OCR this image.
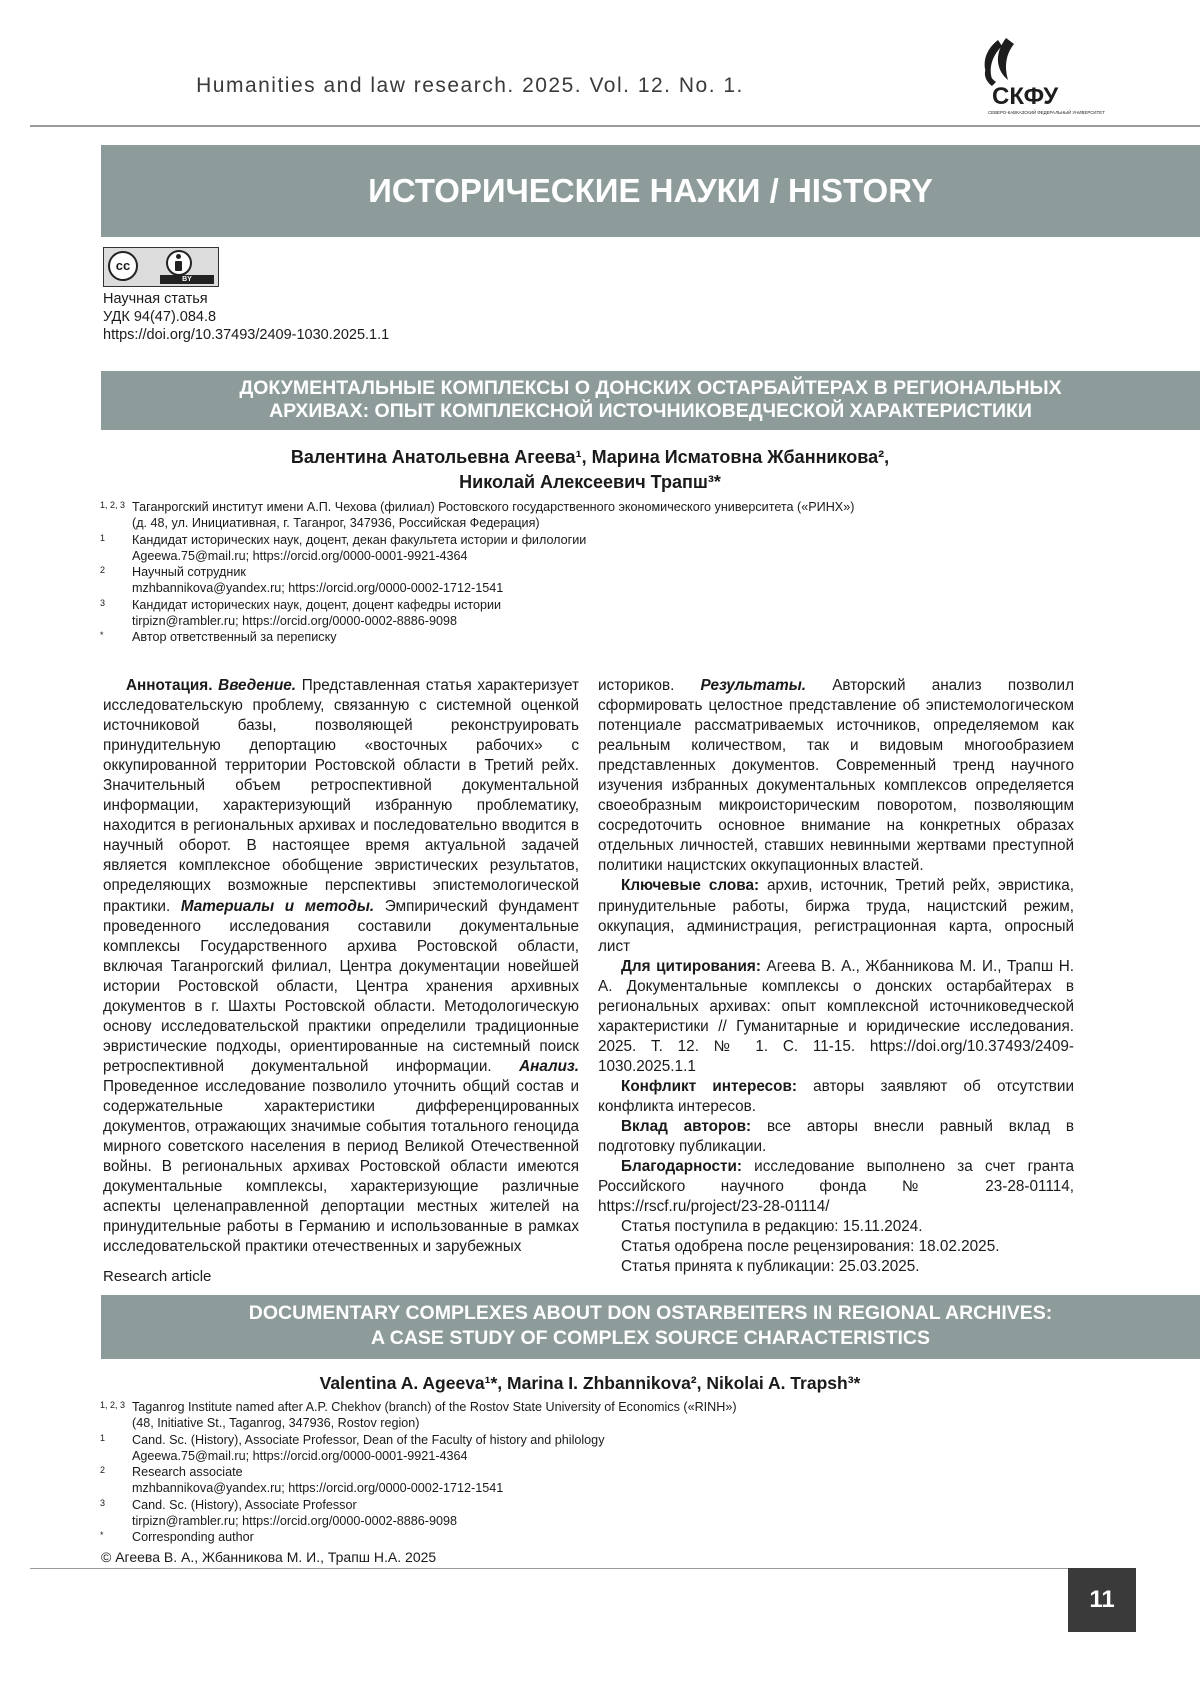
Humanities and law research. 2025. Vol. 12. No. 1.	СКФУ
СЕВЕРО-КАВКАЗСКИЙ ФЕДЕРАЛЬНЫЙ УНИВЕРСИТЕТ
ИСТОРИЧЕСКИЕ НАУКИ / HISTORY
cc
BY
Научная статья
УДК 94(47).084.8
https://doi.org/10.37493/2409-1030.2025.1.1
ДОКУМЕНТАЛЬНЫЕ КОМПЛЕКСЫ О ДОНСКИХ ОСТАРБАЙТЕРАХ В РЕГИОНАЛЬНЫХ
АРХИВАХ: ОПЫТ КОМПЛЕКСНОЙ ИСТОЧНИКОВЕДЧЕСКОЙ ХАРАКТЕРИСТИКИ
Валентина Анатольевна Агеева¹, Марина Исматовна Жбанникова²,
Николай Алексеевич Трапш³*
1, 2, 3 Таганрогский институт имени А.П. Чехова (филиал) Ростовского государственного экономического университета («РИНХ»)
(д. 48, ул. Инициативная, г. Таганрог, 347936, Российская Федерация)
1	Кандидат исторических наук, доцент, декан факультета истории и филологии
Ageewa.75@mail.ru; https://orcid.org/0000-0001-9921-4364
2	Научный сотрудник
mzhbannikova@yandex.ru; https://orcid.org/0000-0002-1712-1541
3	Кандидат исторических наук, доцент, доцент кафедры истории
tirpizn@rambler.ru; https://orcid.org/0000-0002-8886-9098
*	Автор ответственный за переписку

Аннотация. Введение. Представленная статья характеризует исследовательскую проблему, связанную с системной оценкой источниковой базы, позволяющей реконструировать принудительную депортацию «восточных рабочих» с оккупированной территории Ростовской области в Третий рейх. Значительный объем ретроспективной документальной информации, характеризующий избранную проблематику, находится в региональных архивах и последовательно вводится в научный оборот. В настоящее время актуальной задачей является комплексное обобщение эвристических результатов, определяющих возможные перспективы эпистемологической практики. Материалы и методы. Эмпирический фундамент проведенного исследования составили документальные комплексы Государственного архива Ростовской области, включая Таганрогский филиал, Центра документации новейшей истории Ростовской области, Центра хранения архивных документов в г. Шахты Ростовской области. Методологическую основу исследовательской практики определили традиционные эвристические подходы, ориентированные на системный поиск ретроспективной документальной информации. Анализ. Проведенное исследование позволило уточнить общий состав и содержательные характеристики дифференцированных документов, отражающих значимые события тотального геноцида мирного советского населения в период Великой Отечественной войны. В региональных архивах Ростовской области имеются документальные комплексы, характеризующие различные аспекты целенаправленной депортации местных жителей на принудительные работы в Германию и использованные в рамках исследовательской практики отечественных и зарубежных

историков. Результаты. Авторский анализ позволил сформировать целостное представление об эпистемологическом потенциале рассматриваемых источников, определяемом как реальным количеством, так и видовым многообразием представленных документов. Современный тренд научного изучения избранных документальных комплексов определяется своеобразным микроисторическим поворотом, позволяющим сосредоточить основное внимание на конкретных образах отдельных личностей, ставших невинными жертвами преступной политики нацистских оккупационных властей.

Ключевые слова: архив, источник, Третий рейх, эвристика, принудительные работы, биржа труда, нацистский режим, оккупация, администрация, регистрационная карта, опросный лист

Для цитирования: Агеева В. А., Жбанникова М. И., Трапш Н. А. Документальные комплексы о донских остарбайтерах в региональных архивах: опыт комплексной источниковедческой характеристики // Гуманитарные и юридические исследования. 2025. Т. 12. № 1. С. 11-15. https://doi.org/10.37493/2409-1030.2025.1.1

Конфликт интересов: авторы заявляют об отсутствии конфликта интересов.

Вклад авторов: все авторы внесли равный вклад в подготовку публикации.

Благодарности: исследование выполнено за счет гранта Российского научного фонда № 23-28-01114, https://rscf.ru/project/23-28-01114/

Статья поступила в редакцию: 15.11.2024.

Статья одобрена после рецензирования: 18.02.2025.

Статья принята к публикации: 25.03.2025.

Research article
DOCUMENTARY COMPLEXES ABOUT DON OSTARBEITERS IN REGIONAL ARCHIVES:
A CASE STUDY OF COMPLEX SOURCE CHARACTERISTICS
Valentina A. Ageeva¹*, Marina I. Zhbannikova², Nikolai A. Trapsh³*
1, 2, 3 Taganrog Institute named after A.P. Chekhov (branch) of the Rostov State University of Economics («RINH»)
(48, Initiative St., Taganrog, 347936, Rostov region)
1	Cand. Sc. (History), Associate Professor, Dean of the Faculty of history and philology
Ageewa.75@mail.ru; https://orcid.org/0000-0001-9921-4364
2	Research associate
mzhbannikova@yandex.ru; https://orcid.org/0000-0002-1712-1541
3	Cand. Sc. (History), Associate Professor
tirpizn@rambler.ru; https://orcid.org/0000-0002-8886-9098
*	Corresponding author
© Агеева В. А., Жбанникова М. И., Трапш Н.А. 2025
11
